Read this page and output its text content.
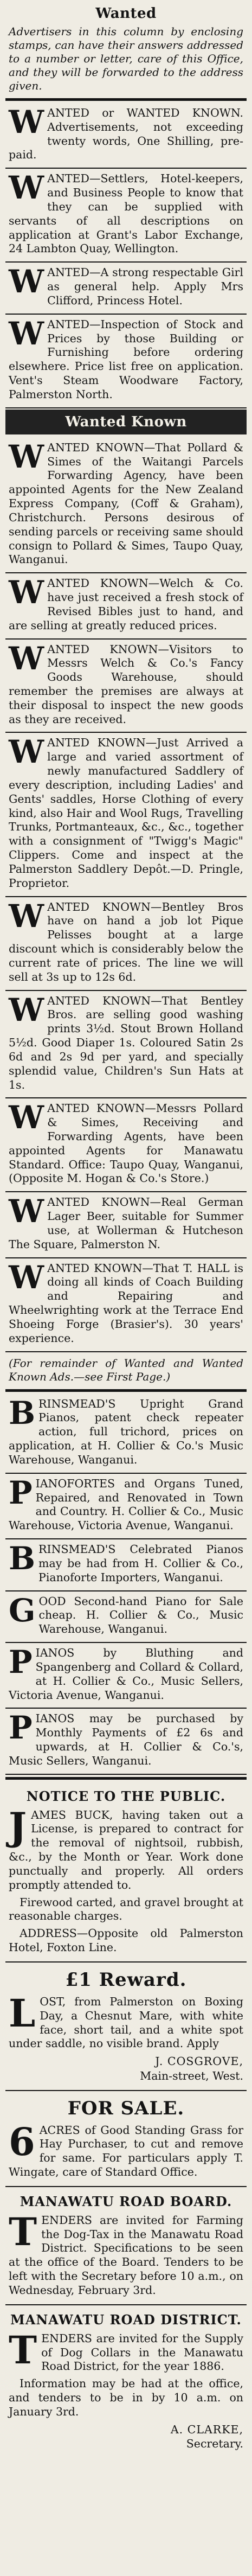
Wanted
Advertisers in this column by enclosing stamps, can have their answers addressed to a number or letter, care of this Office, and they will be forwarded to the address given.
WANTED or WANTED KNOWN. Advertisements, not exceeding twenty words, One Shilling, pre-paid.
WANTED—Settlers, Hotel-keepers, and Business People to know that they can be supplied with servants of all descriptions on application at Grant's Labor Exchange, 24 Lambton Quay, Wellington.
WANTED—A strong respectable Girl as general help. Apply Mrs Clifford, Princess Hotel.
WANTED—Inspection of Stock and Prices by those Building or Furnishing before ordering elsewhere. Price list free on application. Vent's Steam Woodware Factory, Palmerston North.
Wanted Known
WANTED KNOWN—That Pollard & Simes of the Waitangi Parcels Forwarding Agency, have been appointed Agents for the New Zealand Express Company, (Coff & Graham), Christchurch. Persons desirous of sending parcels or receiving same should consign to Pollard & Simes, Taupo Quay, Wanganui.
WANTED KNOWN—Welch & Co. have just received a fresh stock of Revised Bibles just to hand, and are selling at greatly reduced prices.
WANTED KNOWN—Visitors to Messrs Welch & Co.'s Fancy Goods Warehouse, should remember the premises are always at their disposal to inspect the new goods as they are received.
WANTED KNOWN—Just Arrived a large and varied assortment of newly manufactured Saddlery of every description, including Ladies' and Gents' saddles, Horse Clothing of every kind, also Hair and Wool Rugs, Travelling Trunks, Portmanteaux, &c., &c., together with a consignment of "Twigg's Magic" Clippers. Come and inspect at the Palmerston Saddlery Depôt.—D. Pringle, Proprietor.
WANTED KNOWN—Bentley Bros have on hand a job lot Pique Pelisses bought at a large discount which is considerably below the current rate of prices. The line we will sell at 3s up to 12s 6d.
WANTED KNOWN—That Bentley Bros. are selling good washing prints 3½d. Stout Brown Holland 5½d. Good Diaper 1s. Coloured Satin 2s 6d and 2s 9d per yard, and specially splendid value, Children's Sun Hats at 1s.
WANTED KNOWN—Messrs Pollard & Simes, Receiving and Forwarding Agents, have been appointed Agents for Manawatu Standard. Office: Taupo Quay, Wanganui, (Opposite M. Hogan & Co.'s Store.)
WANTED KNOWN—Real German Lager Beer, suitable for Summer use, at Wollerman & Hutcheson The Square, Palmerston N.
WANTED KNOWN—That T. HALL is doing all kinds of Coach Building and Repairing and Wheelwrighting work at the Terrace End Shoeing Forge (Brasier's). 30 years' experience.
(For remainder of Wanted and Wanted Known Ads.—see First Page.)
BRINSMEAD'S Upright Grand Pianos, patent check repeater action, full trichord, prices on application, at H. Collier & Co.'s Music Warehouse, Wanganui.
PIANOFORTES and Organs Tuned, Repaired, and Renovated in Town and Country. H. Collier & Co., Music Warehouse, Victoria Avenue, Wanganui.
BRINSMEAD'S Celebrated Pianos may be had from H. Collier & Co., Pianoforte Importers, Wanganui.
GOOD Second-hand Piano for Sale cheap. H. Collier & Co., Music Warehouse, Wanganui.
PIANOS by Bluthing and Spangenberg and Collard & Collard, at H. Collier & Co., Music Sellers, Victoria Avenue, Wanganui.
PIANOS may be purchased by Monthly Payments of £2 6s and upwards, at H. Collier & Co.'s, Music Sellers, Wanganui.
NOTICE TO THE PUBLIC.
JAMES BUCK, having taken out a License, is prepared to contract for the removal of nightsoil, rubbish, &c., by the Month or Year. Work done punctually and properly. All orders promptly attended to.
Firewood carted, and gravel brought at reasonable charges.
ADDRESS—Opposite old Palmerston Hotel, Foxton Line.
£1 Reward.
LOST, from Palmerston on Boxing Day, a Chesnut Mare, with white face, short tail, and a white spot under saddle, no visible brand. Apply
J. COSGROVE,
Main-street, West.
FOR SALE.
6 ACRES of Good Standing Grass for Hay Purchaser, to cut and remove for same. For particulars apply T. Wingate, care of Standard Office.
MANAWATU ROAD BOARD.
TENDERS are invited for Farming the Dog-Tax in the Manawatu Road District. Specifications to be seen at the office of the Board. Tenders to be left with the Secretary before 10 a.m., on Wednesday, February 3rd.
MANAWATU ROAD DISTRICT.
TENDERS are invited for the Supply of Dog Collars in the Manawatu Road District, for the year 1886.
Information may be had at the office, and tenders to be in by 10 a.m. on January 3rd.
A. CLARKE,
Secretary.
